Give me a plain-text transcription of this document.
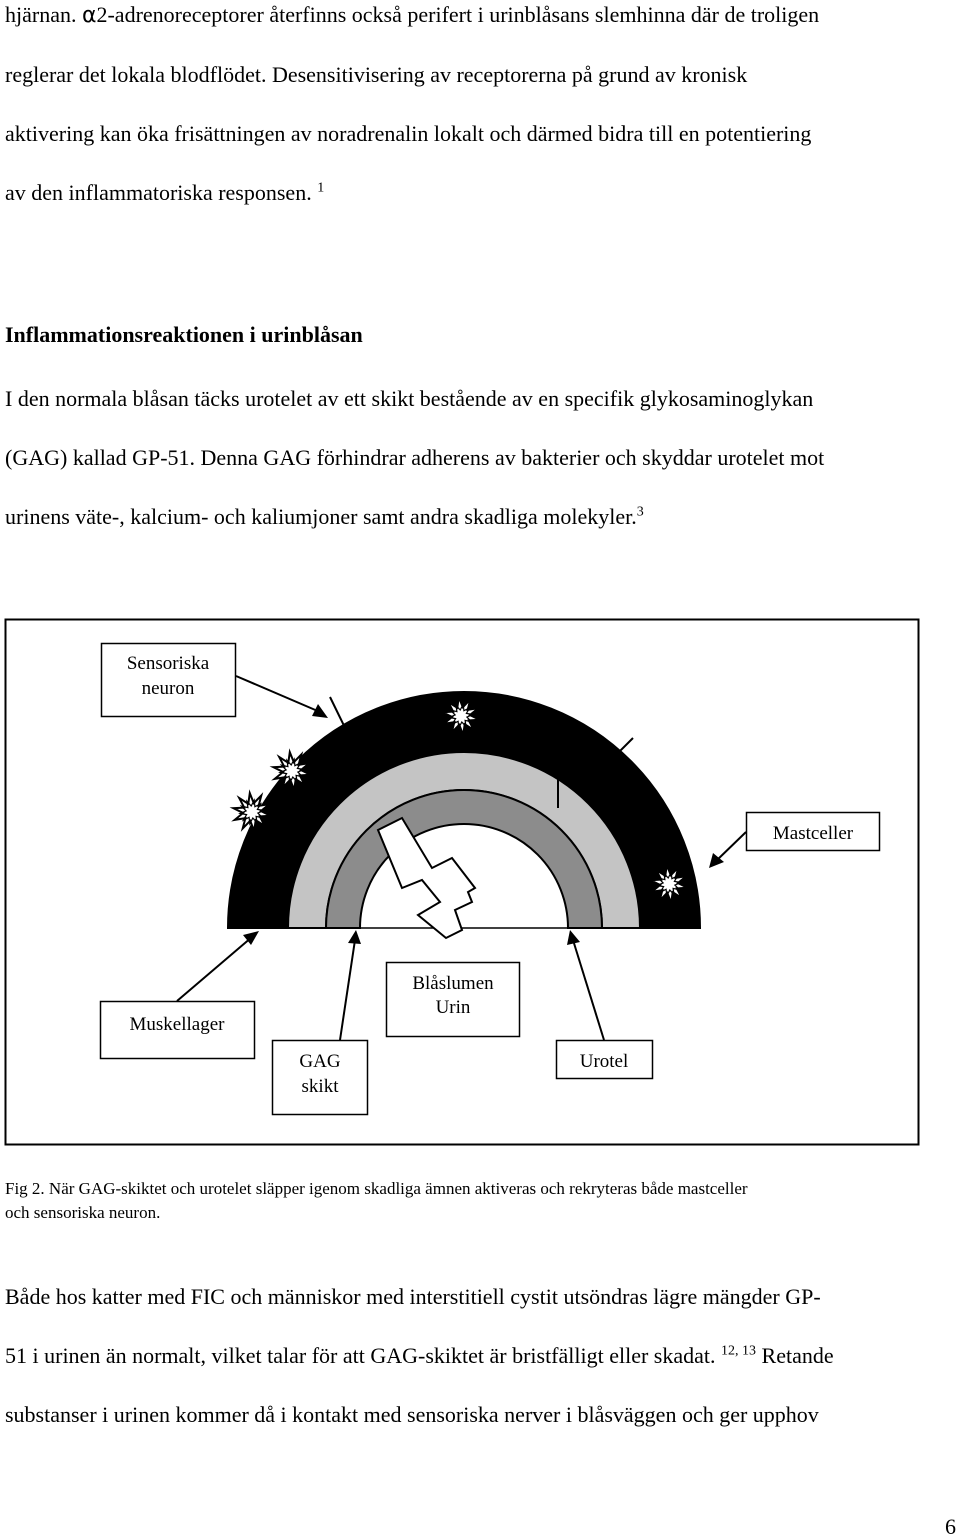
hjärnan. α2-adrenoreceptorer återfinns också perifert i urinblåsans slemhinna där de troligen
reglerar det lokala blodflödet. Desensitivisering av receptorerna på grund av kronisk
aktivering kan öka frisättningen av noradrenalin lokalt och därmed bidra till en potentiering
av den inflammatoriska responsen. $^1$
Inflammationsreaktionen i urinblåsan
I den normala blåsan täcks urotelet av ett skikt bestående av en specifik glykosaminoglykan
(GAG) kallad GP-51. Denna GAG förhindrar adherens av bakterier och skyddar urotelet mot
urinens väte-, kalcium- och kaliumjoner samt andra skadliga molekyler.$^3$
Sensoriska
neuron
Mastceller
Muskellager
GAG
skikt
Blåslumen
Urin
Urotel
Fig 2. När GAG-skiktet och urotelet släpper igenom skadliga ämnen aktiveras och rekryteras både mastceller
och sensoriska neuron.
Både hos katter med FIC och människor med interstitiell cystit utsöndras lägre mängder GP-
51 i urinen än normalt, vilket talar för att GAG-skiktet är bristfälligt eller skadat. $^{12, 13}$ Retande
substanser i urinen kommer då i kontakt med sensoriska nerver i blåsväggen och ger upphov
6
